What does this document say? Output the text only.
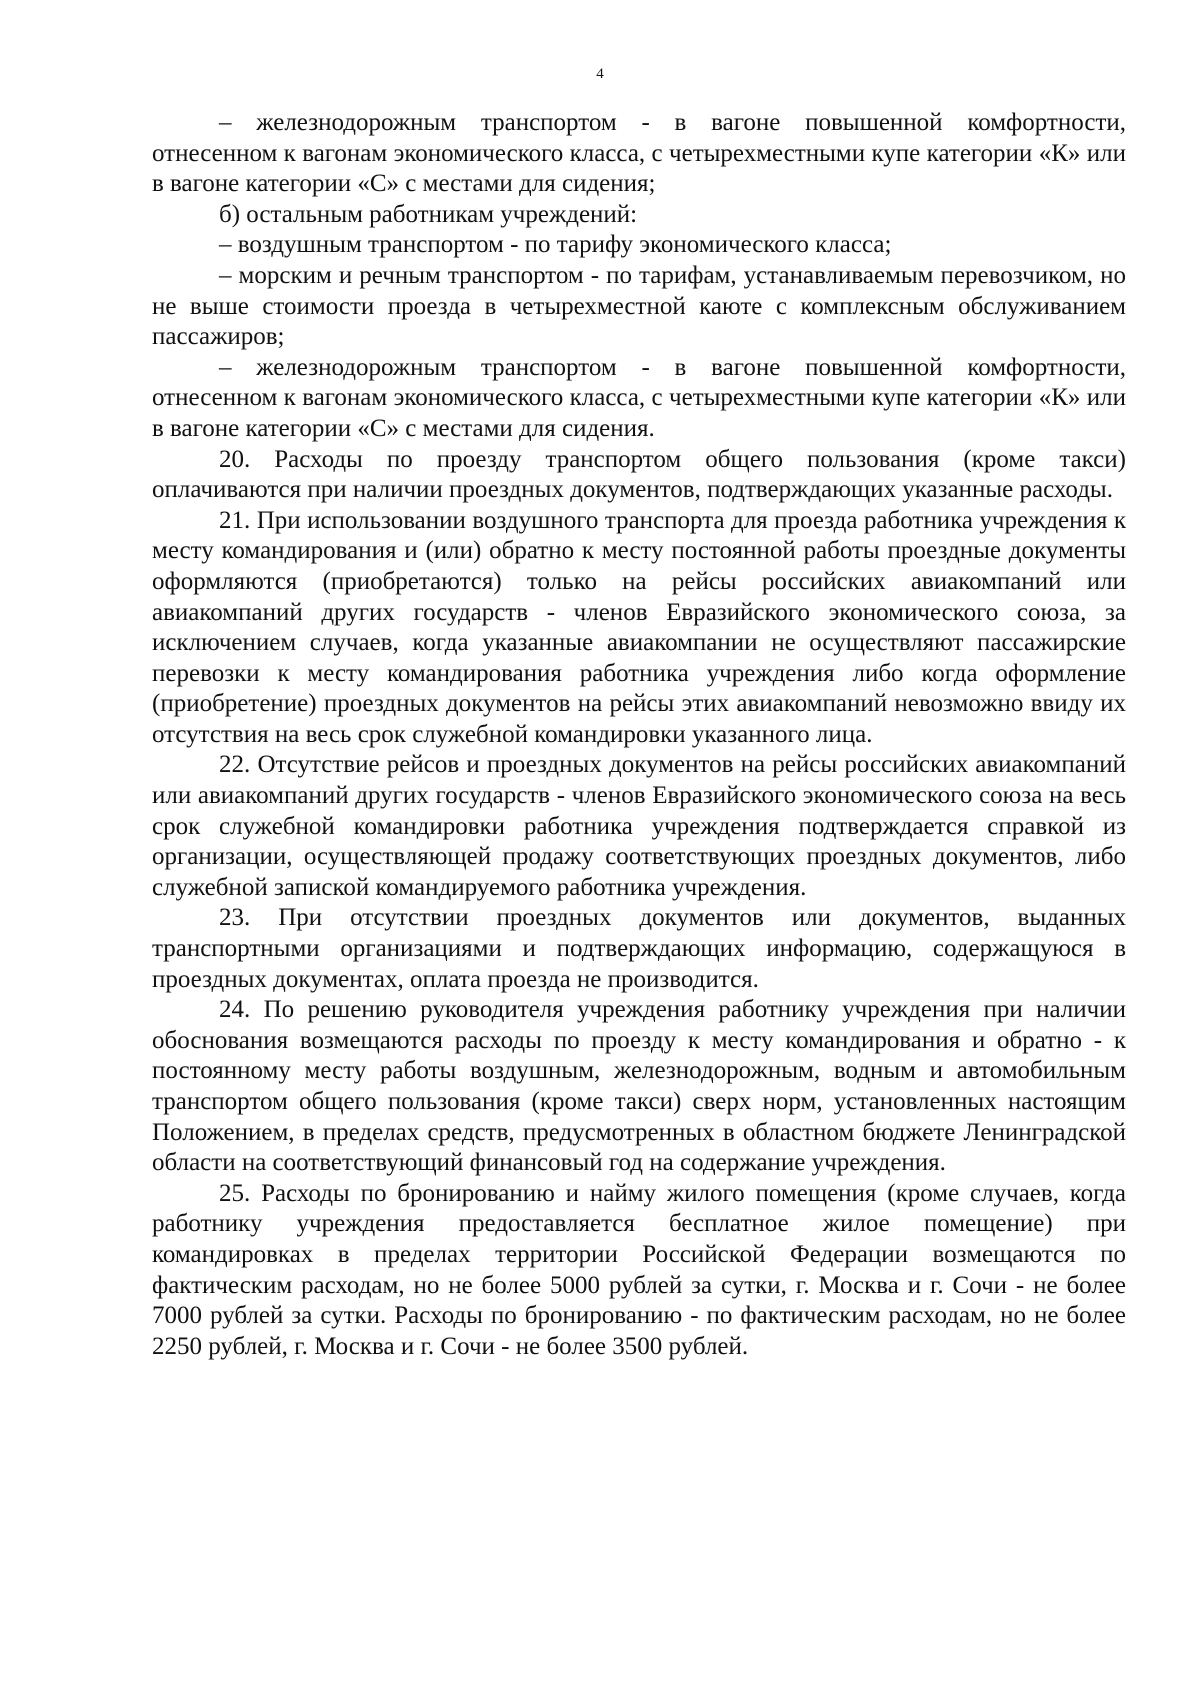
4

– железнодорожным транспортом - в вагоне повышенной комфортности, отнесенном к вагонам экономического класса, с четырехместными купе категории «К» или в вагоне категории «С» с местами для сидения;

б) остальным работникам учреждений:

– воздушным транспортом - по тарифу экономического класса;

– морским и речным транспортом - по тарифам, устанавливаемым перевозчиком, но не выше стоимости проезда в четырехместной каюте с комплексным обслуживанием пассажиров;

– железнодорожным транспортом - в вагоне повышенной комфортности, отнесенном к вагонам экономического класса, с четырехместными купе категории «К» или в вагоне категории «С» с местами для сидения.

20. Расходы по проезду транспортом общего пользования (кроме такси) оплачиваются при наличии проездных документов, подтверждающих указанные расходы.

21. При использовании воздушного транспорта для проезда работника учреждения к месту командирования и (или) обратно к месту постоянной работы проездные документы оформляются (приобретаются) только на рейсы российских авиакомпаний или авиакомпаний других государств - членов Евразийского экономического союза, за исключением случаев, когда указанные авиакомпании не осуществляют пассажирские перевозки к месту командирования работника учреждения либо когда оформление (приобретение) проездных документов на рейсы этих авиакомпаний невозможно ввиду их отсутствия на весь срок служебной командировки указанного лица.

22. Отсутствие рейсов и проездных документов на рейсы российских авиакомпаний или авиакомпаний других государств - членов Евразийского экономического союза на весь срок служебной командировки работника учреждения подтверждается справкой из организации, осуществляющей продажу соответствующих проездных документов, либо служебной запиской командируемого работника учреждения.

23. При отсутствии проездных документов или документов, выданных транспортными организациями и подтверждающих информацию, содержащуюся в проездных документах, оплата проезда не производится.

24. По решению руководителя учреждения работнику учреждения при наличии обоснования возмещаются расходы по проезду к месту командирования и обратно - к постоянному месту работы воздушным, железнодорожным, водным и автомобильным транспортом общего пользования (кроме такси) сверх норм, установленных настоящим Положением, в пределах средств, предусмотренных в областном бюджете Ленинградской области на соответствующий финансовый год на содержание учреждения.

25. Расходы по бронированию и найму жилого помещения (кроме случаев, когда работнику учреждения предоставляется бесплатное жилое помещение) при командировках в пределах территории Российской Федерации возмещаются по фактическим расходам, но не более 5000 рублей за сутки, г. Москва и г. Сочи - не более 7000 рублей за сутки. Расходы по бронированию - по фактическим расходам, но не более 2250 рублей, г. Москва и г. Сочи - не более 3500 рублей.
